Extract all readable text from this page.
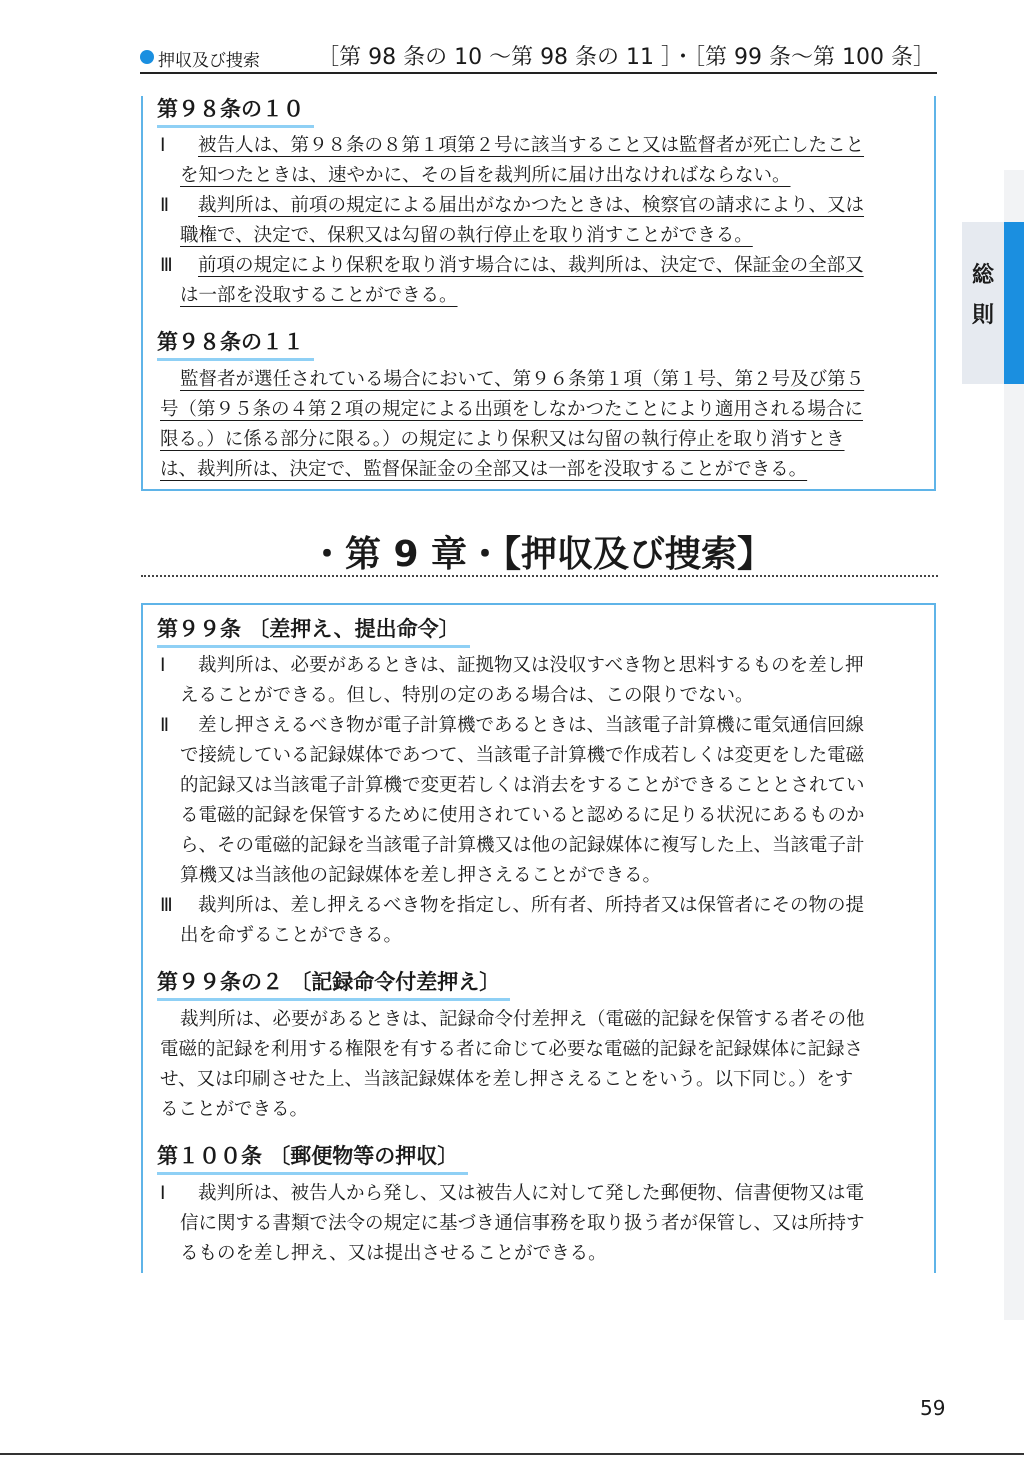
押収及び捜索	［第 98 条の 10 ～第 98 条の 11 ］・［第 99 条～第 100 条］
総
則
第９８条の１０
Ⅰ 被告人は、第９８条の８第１項第２号に該当すること又は監督者が死亡したこと
を知つたときは、速やかに、その旨を裁判所に届け出なければならない。
Ⅱ 裁判所は、前項の規定による届出がなかつたときは、検察官の請求により、又は
職権で、決定で、保釈又は勾留の執行停止を取り消すことができる。
Ⅲ 前項の規定により保釈を取り消す場合には、裁判所は、決定で、保証金の全部又
は一部を没取することができる。
第９８条の１１
監督者が選任されている場合において、第９６条第１項（第１号、第２号及び第５
号（第９５条の４第２項の規定による出頭をしなかつたことにより適用される場合に
限る。）に係る部分に限る。）の規定により保釈又は勾留の執行停止を取り消すとき
は、裁判所は、決定で、監督保証金の全部又は一部を没取することができる。
・第 9 章・【押収及び捜索】
第９９条 〔差押え、提出命令〕
Ⅰ 裁判所は、必要があるときは、証拠物又は没収すべき物と思料するものを差し押
えることができる。但し、特別の定のある場合は、この限りでない。
Ⅱ 差し押さえるべき物が電子計算機であるときは、当該電子計算機に電気通信回線
で接続している記録媒体であつて、当該電子計算機で作成若しくは変更をした電磁
的記録又は当該電子計算機で変更若しくは消去をすることができることとされてい
る電磁的記録を保管するために使用されていると認めるに足りる状況にあるものか
ら、その電磁的記録を当該電子計算機又は他の記録媒体に複写した上、当該電子計
算機又は当該他の記録媒体を差し押さえることができる。
Ⅲ 裁判所は、差し押えるべき物を指定し、所有者、所持者又は保管者にその物の提
出を命ずることができる。
第９９条の２ 〔記録命令付差押え〕
裁判所は、必要があるときは、記録命令付差押え（電磁的記録を保管する者その他
電磁的記録を利用する権限を有する者に命じて必要な電磁的記録を記録媒体に記録さ
せ、又は印刷させた上、当該記録媒体を差し押さえることをいう。以下同じ。）をす
ることができる。
第１００条 〔郵便物等の押収〕
Ⅰ 裁判所は、被告人から発し、又は被告人に対して発した郵便物、信書便物又は電
信に関する書類で法令の規定に基づき通信事務を取り扱う者が保管し、又は所持す
るものを差し押え、又は提出させることができる。
59
